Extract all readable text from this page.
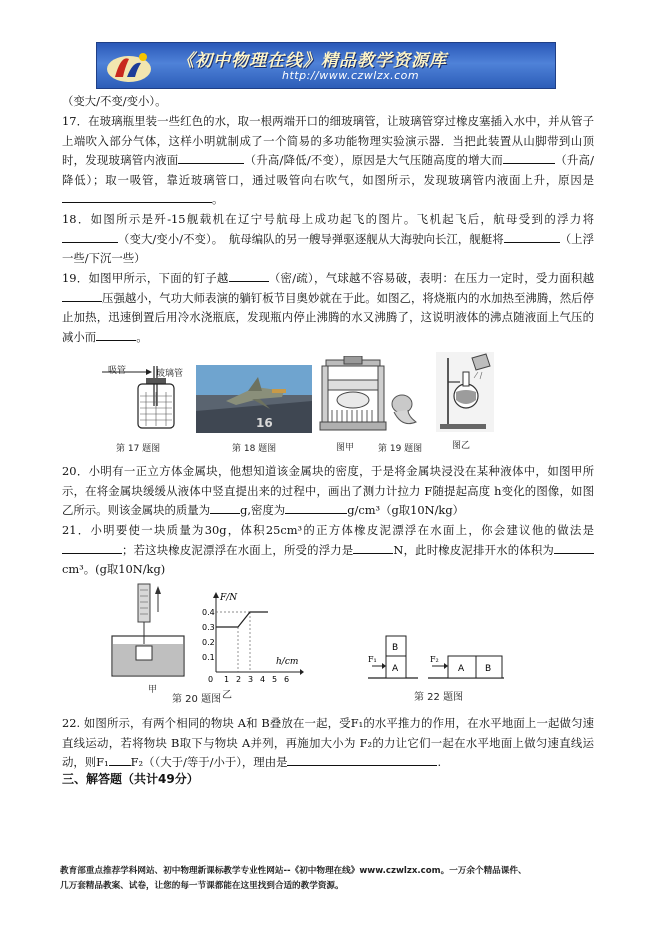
《初中物理在线》精品教学资源库
http://www.czwlzx.com
（变大/不变/变小）。
17．在玻璃瓶里装一些红色的水，取一根两端开口的细玻璃管，让玻璃管穿过橡皮塞插入水中，并从管子上端吹入部分气体，这样小明就制成了一个简易的多功能物理实验演示器．当把此装置从山脚带到山顶时，发现玻璃管内液面	（升高/降低/不变），原因是大气压随高度的增大而	（升高/降低）；取一吸管，靠近玻璃管口，通过吸管向右吹气，如图所示，发现玻璃管内液面上升，原因是。
18．如图所示是歼-15舰载机在辽宁号航母上成功起飞的图片。飞机起飞后，航母受到的浮力将（变大/变小/不变）。　航母编队的另一艘导弹驱逐舰从大海驶向长江，舰艇将	（上浮一些/下沉一些）
19．如图甲所示，下面的钉子越	（密/疏），气球越不容易破，表明：在压力一定时，受力面积越压强越小，气功大师表演的躺钉板节目奥妙就在于此。如图乙，将烧瓶内的水加热至沸腾，然后停止加热，迅速倒置后用冷水浇瓶底，发现瓶内停止沸腾的水又沸腾了，这说明液体的沸点随液面上气压的减小而	。
吸管	玻璃管
第 17 题图
16
第 18 题图	图甲	第 19 题图	图乙
20．小明有一正立方体金属块，他想知道该金属块的密度，于是将金属块浸没在某种液体中，如图甲所示，在将金属块缓缓从液体中竖直提出来的过程中，画出了测力计拉力 F随提起高度 h变化的图像，如图乙所示。则该金属块的质量为	g,密度为	g/cm³（g取10N/kg）
21．小明要使一块质量为30g，体积25cm³的正方体橡皮泥漂浮在水面上，你会建议他的做法是；若这块橡皮泥漂浮在水面上，所受的浮力是	N，此时橡皮泥排开水的体积为cm³。(g取10N/kg)
甲
0.4
0.3
0.2
0.1
0 1 2 3 4 5 6
F/N
h/cm
乙
第 20 题图
B
A
F₁
A B
F₂
第 22 题图
22. 如图所示，有两个相同的物块 A和 B叠放在一起，受F₁的水平推力的作用，在水平地面上一起做匀速直线运动，若将物块 B取下与物块 A并列，再施加大小为 F₂的力让它们一起在水平地面上做匀速直线运动，则F₁ F₂（（大于/等于/小于），理由是	.
三、解答题（共计49分）
教育部重点推荐学科网站、初中物理新课标教学专业性网站--《初中物理在线》www.czwlzx.com。一万余个精品课件、
几万套精品教案、试卷，让您的每一节课都能在这里找到合适的教学资源。
